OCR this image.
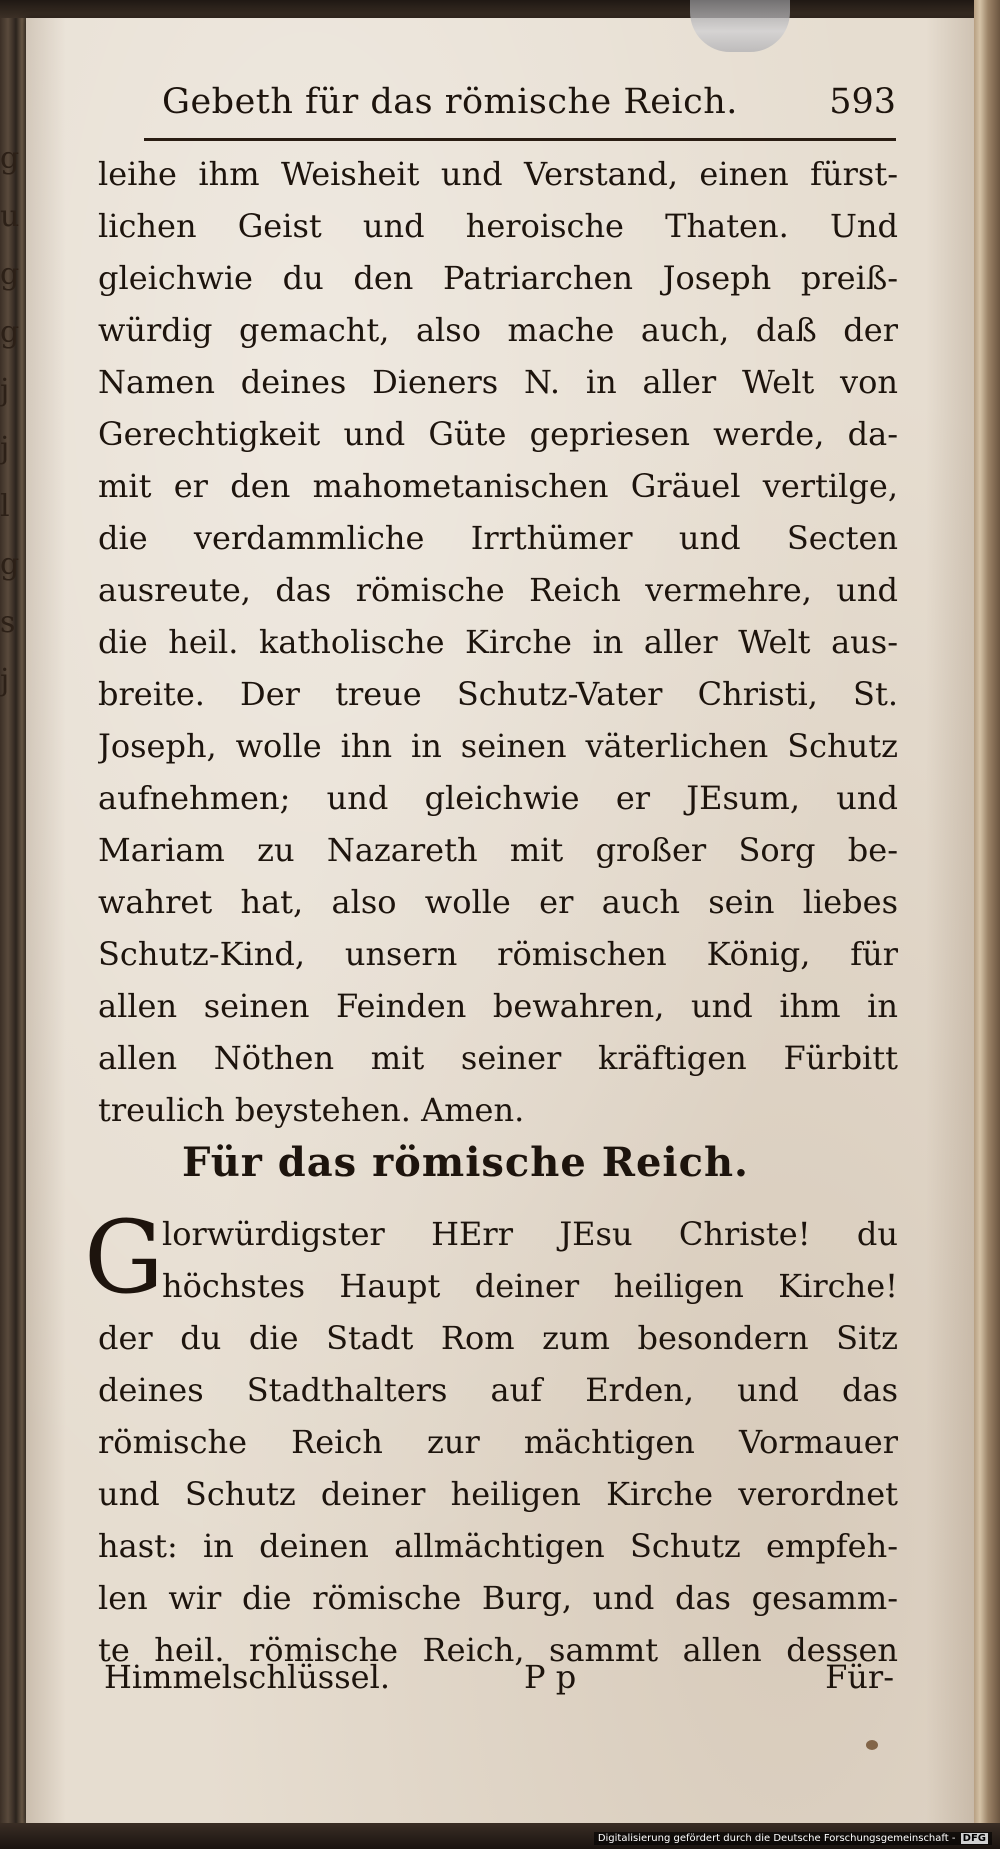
g
u
g
g
j
j
l
g
s
j
Gebeth für das römische Reich.	593
leihe ihm Weisheit und Verstand, einen fürst-
lichen Geist und heroische Thaten. Und
gleichwie du den Patriarchen Joseph preiß-
würdig gemacht, also mache auch, daß der
Namen deines Dieners N. in aller Welt von
Gerechtigkeit und Güte gepriesen werde, da-
mit er den mahometanischen Gräuel vertilge,
die verdammliche Irrthümer und Secten
ausreute, das römische Reich vermehre, und
die heil. katholische Kirche in aller Welt aus-
breite. Der treue Schutz-Vater Christi, St.
Joseph, wolle ihn in seinen väterlichen Schutz
aufnehmen; und gleichwie er JEsum, und
Mariam zu Nazareth mit großer Sorg be-
wahret hat, also wolle er auch sein liebes
Schutz-Kind, unsern römischen König, für
allen seinen Feinden bewahren, und ihm in
allen Nöthen mit seiner kräftigen Fürbitt
treulich beystehen. Amen.
Für das römische Reich.
G
lorwürdigster HErr JEsu Christe! du
höchstes Haupt deiner heiligen Kirche!
der du die Stadt Rom zum besondern Sitz
deines Stadthalters auf Erden, und das
römische Reich zur mächtigen Vormauer
und Schutz deiner heiligen Kirche verordnet
hast: in deinen allmächtigen Schutz empfeh-
len wir die römische Burg, und das gesamm-
te heil. römische Reich, sammt allen dessen
Himmelschlüssel.	P p	Für-
Digitalisierung gefördert durch die Deutsche Forschungsgemeinschaft - DFG
